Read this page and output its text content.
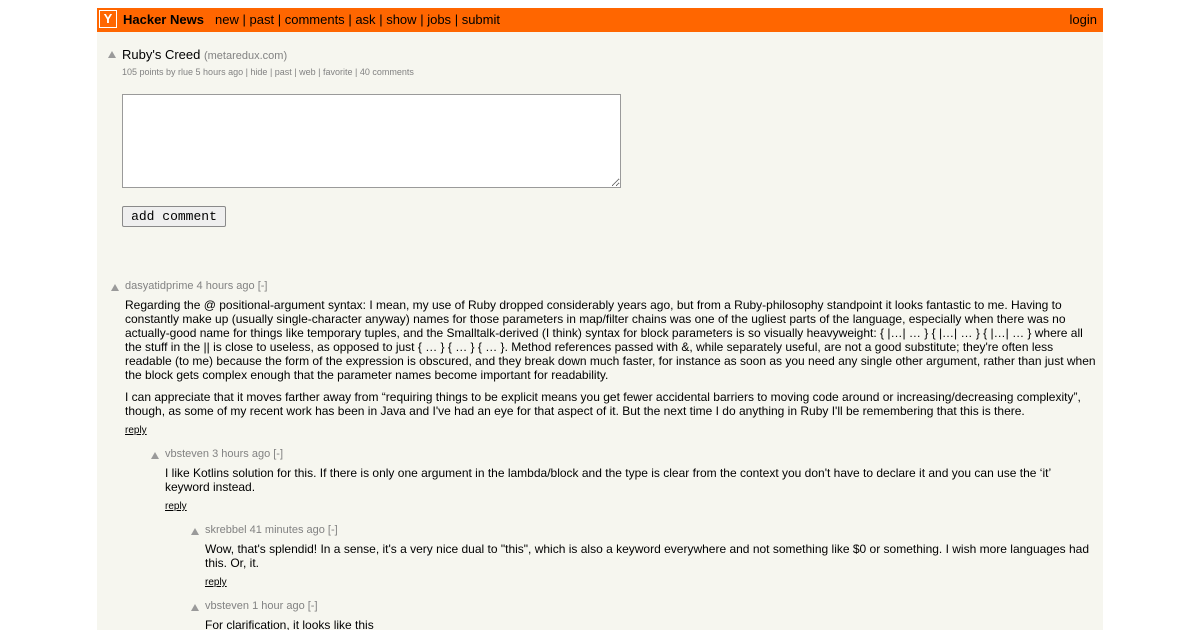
Y Hacker News new | past | comments | ask | show | jobs | submit	login
Ruby's Creed (metaredux.com)
105 points by rlue 5 hours ago | hide | past | web | favorite | 40 comments
add comment
dasyatidprime 4 hours ago [-]

Regarding the @ positional-argument syntax: I mean, my use of Ruby dropped considerably years ago, but from a Ruby-philosophy standpoint it looks fantastic to me. Having to constantly make up (usually single-character anyway) names for those parameters in map/filter chains was one of the ugliest parts of the language, especially when there was no actually-good name for things like temporary tuples, and the Smalltalk-derived (I think) syntax for block parameters is so visually heavyweight: { |…| … } { |…| … } { |…| … } where all the stuff in the || is close to useless, as opposed to just { … } { … } { … }. Method references passed with &, while separately useful, are not a good substitute; they're often less readable (to me) because the form of the expression is obscured, and they break down much faster, for instance as soon as you need any single other argument, rather than just when the block gets complex enough that the parameter names become important for readability.

I can appreciate that it moves farther away from “requiring things to be explicit means you get fewer accidental barriers to moving code around or increasing/decreasing complexity”, though, as some of my recent work has been in Java and I've had an eye for that aspect of it. But the next time I do anything in Ruby I'll be remembering that this is there.

reply
vbsteven 3 hours ago [-]

I like Kotlins solution for this. If there is only one argument in the lambda/block and the type is clear from the context you don't have to declare it and you can use the ‘it’ keyword instead.

reply
skrebbel 41 minutes ago [-]

Wow, that's splendid! In a sense, it's a very nice dual to "this", which is also a keyword everywhere and not something like $0 or something. I wish more languages had this. Or, it.

reply
vbsteven 1 hour ago [-]

For clarification, it looks like this
